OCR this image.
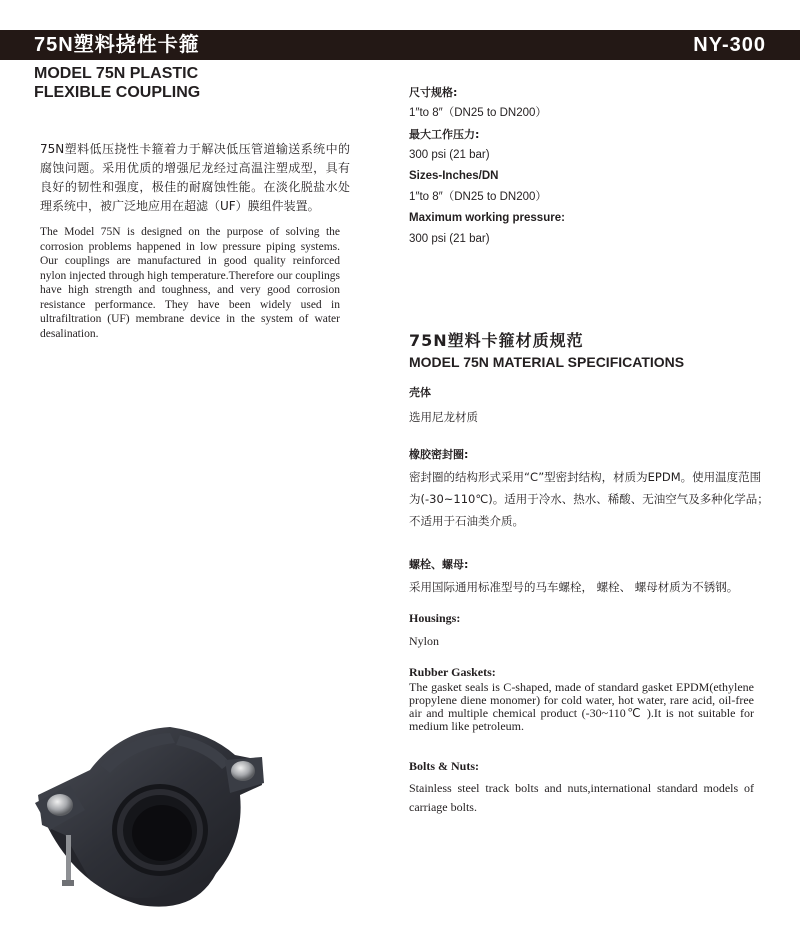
75N塑料挠性卡箍	NY-300
MODEL 75N PLASTIC
FLEXIBLE COUPLING
75N塑料低压挠性卡箍着力于解决低压管道输送系统中的腐蚀问题。采用优质的增强尼龙经过高温注塑成型，具有良好的韧性和强度，极佳的耐腐蚀性能。在淡化脱盐水处理系统中，被广泛地应用在超滤（UF）膜组件装置。
The Model 75N is designed on the purpose of solving the corrosion problems happened in low pressure piping systems. Our couplings are manufactured in good quality reinforced nylon injected through high temperature.Therefore our couplings have high strength and toughness, and very good corrosion resistance performance. They have been widely used in ultrafiltration (UF) membrane device in the system of water desalination.
尺寸规格:
1″to 8″（DN25 to DN200）
最大工作压力:
300 psi (21 bar)
Sizes-Inches/DN
1″to 8″（DN25 to DN200）
Maximum working pressure:
300 psi (21 bar)
75N塑料卡箍材质规范
MODEL 75N MATERIAL SPECIFICATIONS
壳体
选用尼龙材质
橡胶密封圈:
密封圈的结构形式采用“C”型密封结构，材质为EPDM。使用温度范围为(-30~110℃)。适用于冷水、热水、稀酸、无油空气及多种化学品；不适用于石油类介质。
螺栓、螺母:
采用国际通用标准型号的马车螺栓， 螺栓、 螺母材质为不锈钢。
Housings:
Nylon
Rubber Gaskets:
The gasket seals is C-shaped, made of standard gasket EPDM(ethylene propylene diene monomer) for cold water, hot water, rare acid, oil-free air and multiple chemical product (-30~110℃ ).It is not suitable for medium like petroleum.
Bolts & Nuts:
Stainless steel track bolts and nuts,international standard models of carriage bolts.
